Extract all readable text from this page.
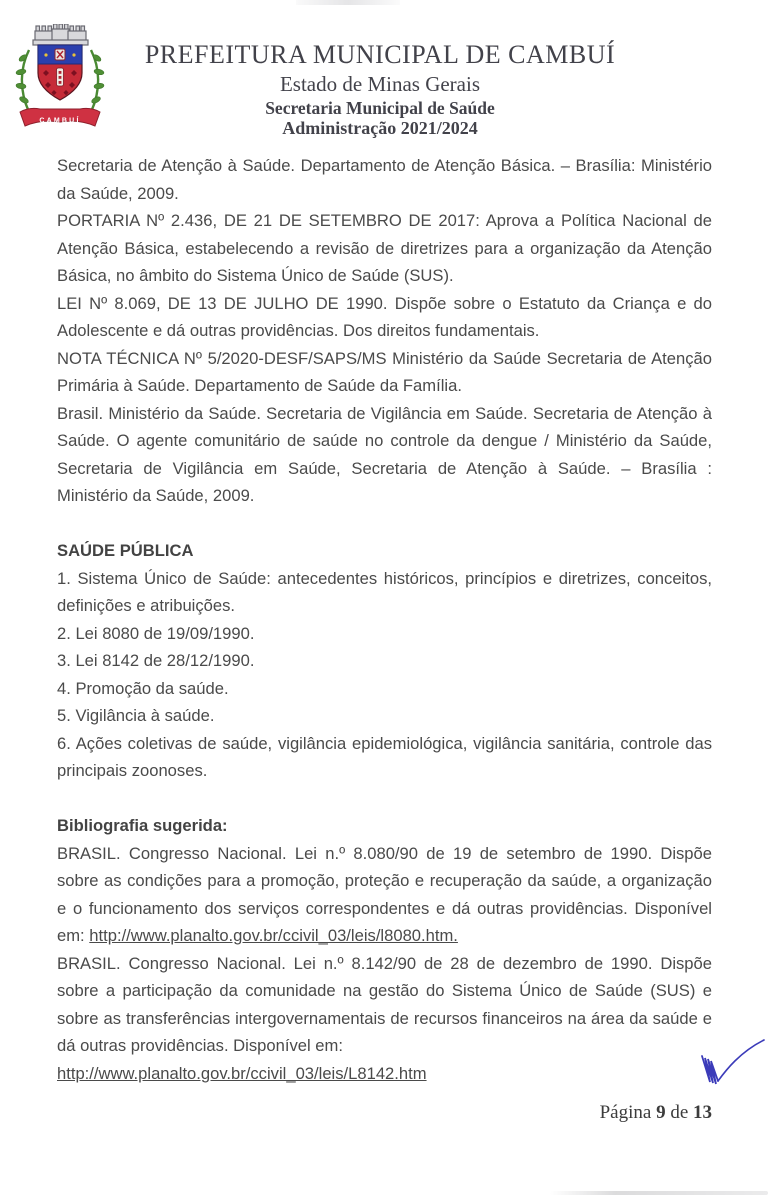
CAMBUÍ
PREFEITURA MUNICIPAL DE CAMBUÍ
Estado de Minas Gerais
Secretaria Municipal de Saúde
Administração 2021/2024

Secretaria de Atenção à Saúde. Departamento de Atenção Básica. – Brasília: Ministério da Saúde, 2009.

PORTARIA Nº 2.436, DE 21 DE SETEMBRO DE 2017: Aprova a Política Nacional de Atenção Básica, estabelecendo a revisão de diretrizes para a organização da Atenção Básica, no âmbito do Sistema Único de Saúde (SUS).

LEI Nº 8.069, DE 13 DE JULHO DE 1990. Dispõe sobre o Estatuto da Criança e do Adolescente e dá outras providências. Dos direitos fundamentais.

NOTA TÉCNICA Nº 5/2020-DESF/SAPS/MS Ministério da Saúde Secretaria de Atenção Primária à Saúde. Departamento de Saúde da Família.

Brasil. Ministério da Saúde. Secretaria de Vigilância em Saúde. Secretaria de Atenção à Saúde. O agente comunitário de saúde no controle da dengue / Ministério da Saúde, Secretaria de Vigilância em Saúde, Secretaria de Atenção à Saúde. – Brasília : Ministério da Saúde, 2009.

SAÚDE PÚBLICA

1. Sistema Único de Saúde: antecedentes históricos, princípios e diretrizes, conceitos, definições e atribuições.

2. Lei 8080 de 19/09/1990.

3. Lei 8142 de 28/12/1990.

4. Promoção da saúde.

5. Vigilância à saúde.

6. Ações coletivas de saúde, vigilância epidemiológica, vigilância sanitária, controle das principais zoonoses.

Bibliografia sugerida:

BRASIL. Congresso Nacional. Lei n.º 8.080/90 de 19 de setembro de 1990. Dispõe sobre as condições para a promoção, proteção e recuperação da saúde, a organização e o funcionamento dos serviços correspondentes e dá outras providências. Disponível em: http://www.planalto.gov.br/ccivil_03/leis/l8080.htm.

BRASIL. Congresso Nacional. Lei n.º 8.142/90 de 28 de dezembro de 1990. Dispõe sobre a participação da comunidade na gestão do Sistema Único de Saúde (SUS) e sobre as transferências intergovernamentais de recursos financeiros na área da saúde e dá outras providências. Disponível em:
http://www.planalto.gov.br/ccivil_03/leis/L8142.htm

Página 9 de 13
